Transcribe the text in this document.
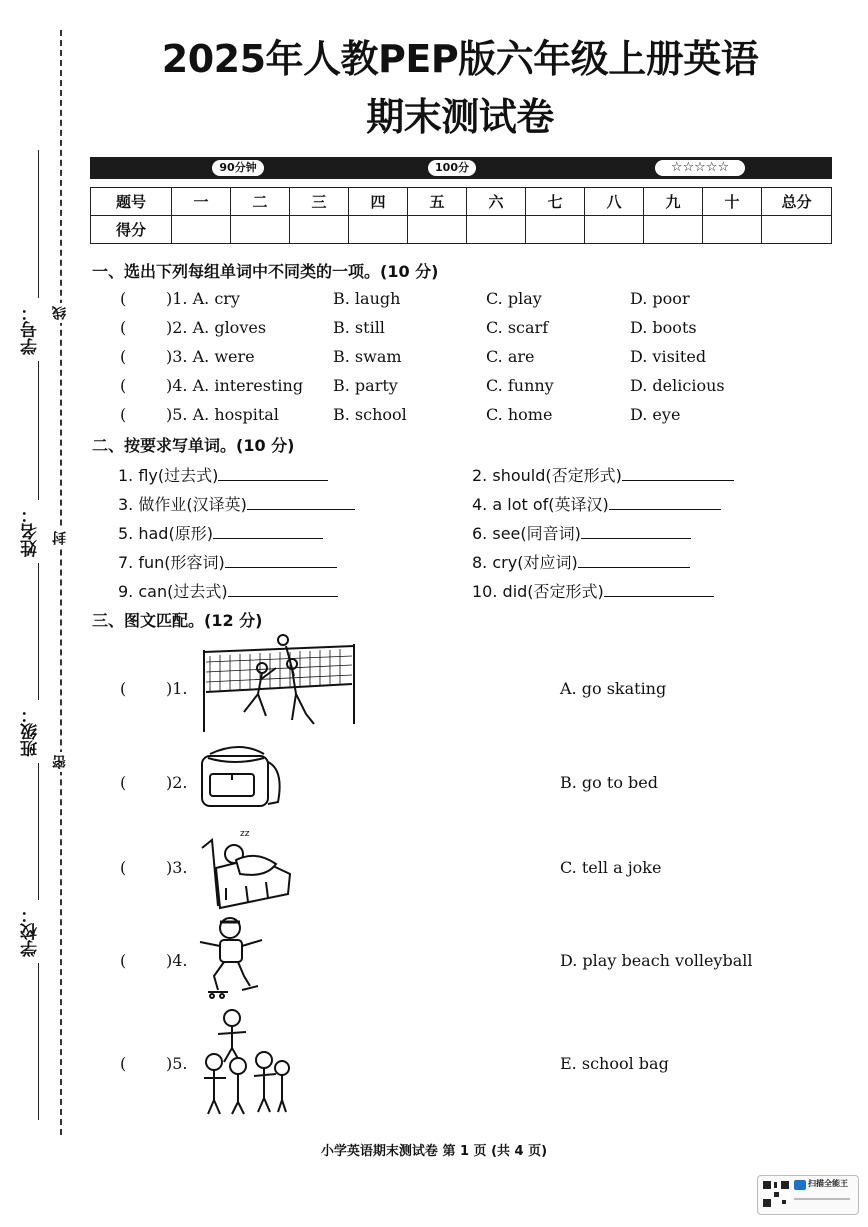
学号：
姓名：
班级：
学校：
线
封
密
2025年人教PEP版六年级上册英语
期末测试卷
90分钟	100分	☆☆☆☆☆
题号	一	二	三	四	五	六	七	八	九	十	总分
得分											
一、选出下列每组单词中不同类的一项。(10 分)
( )1. A. cry	B. laugh	C. play	D. poor
( )2. A. gloves	B. still	C. scarf	D. boots
( )3. A. were	B. swam	C. are	D. visited
( )4. A. interesting B. party	C. funny	D. delicious
( )5. A. hospital	B. school	C. home	D. eye
二、按要求写单词。(10 分)
1. fly(过去式)
3. 做作业(汉译英)
5. had(原形)
7. fun(形容词)
9. can(过去式)
2. should(否定形式)
4. a lot of(英译汉)
6. see(同音词)
8. cry(对应词)
10. did(否定形式)
三、图文匹配。(12 分)
( )1.
( )2.
( )3.
( )4.
( )5.
A. go skating
B. go to bed
C. tell a joke
D. play beach volleyball
E. school bag
zz
小学英语期末测试卷 第 1 页 (共 4 页)
扫描全能王
